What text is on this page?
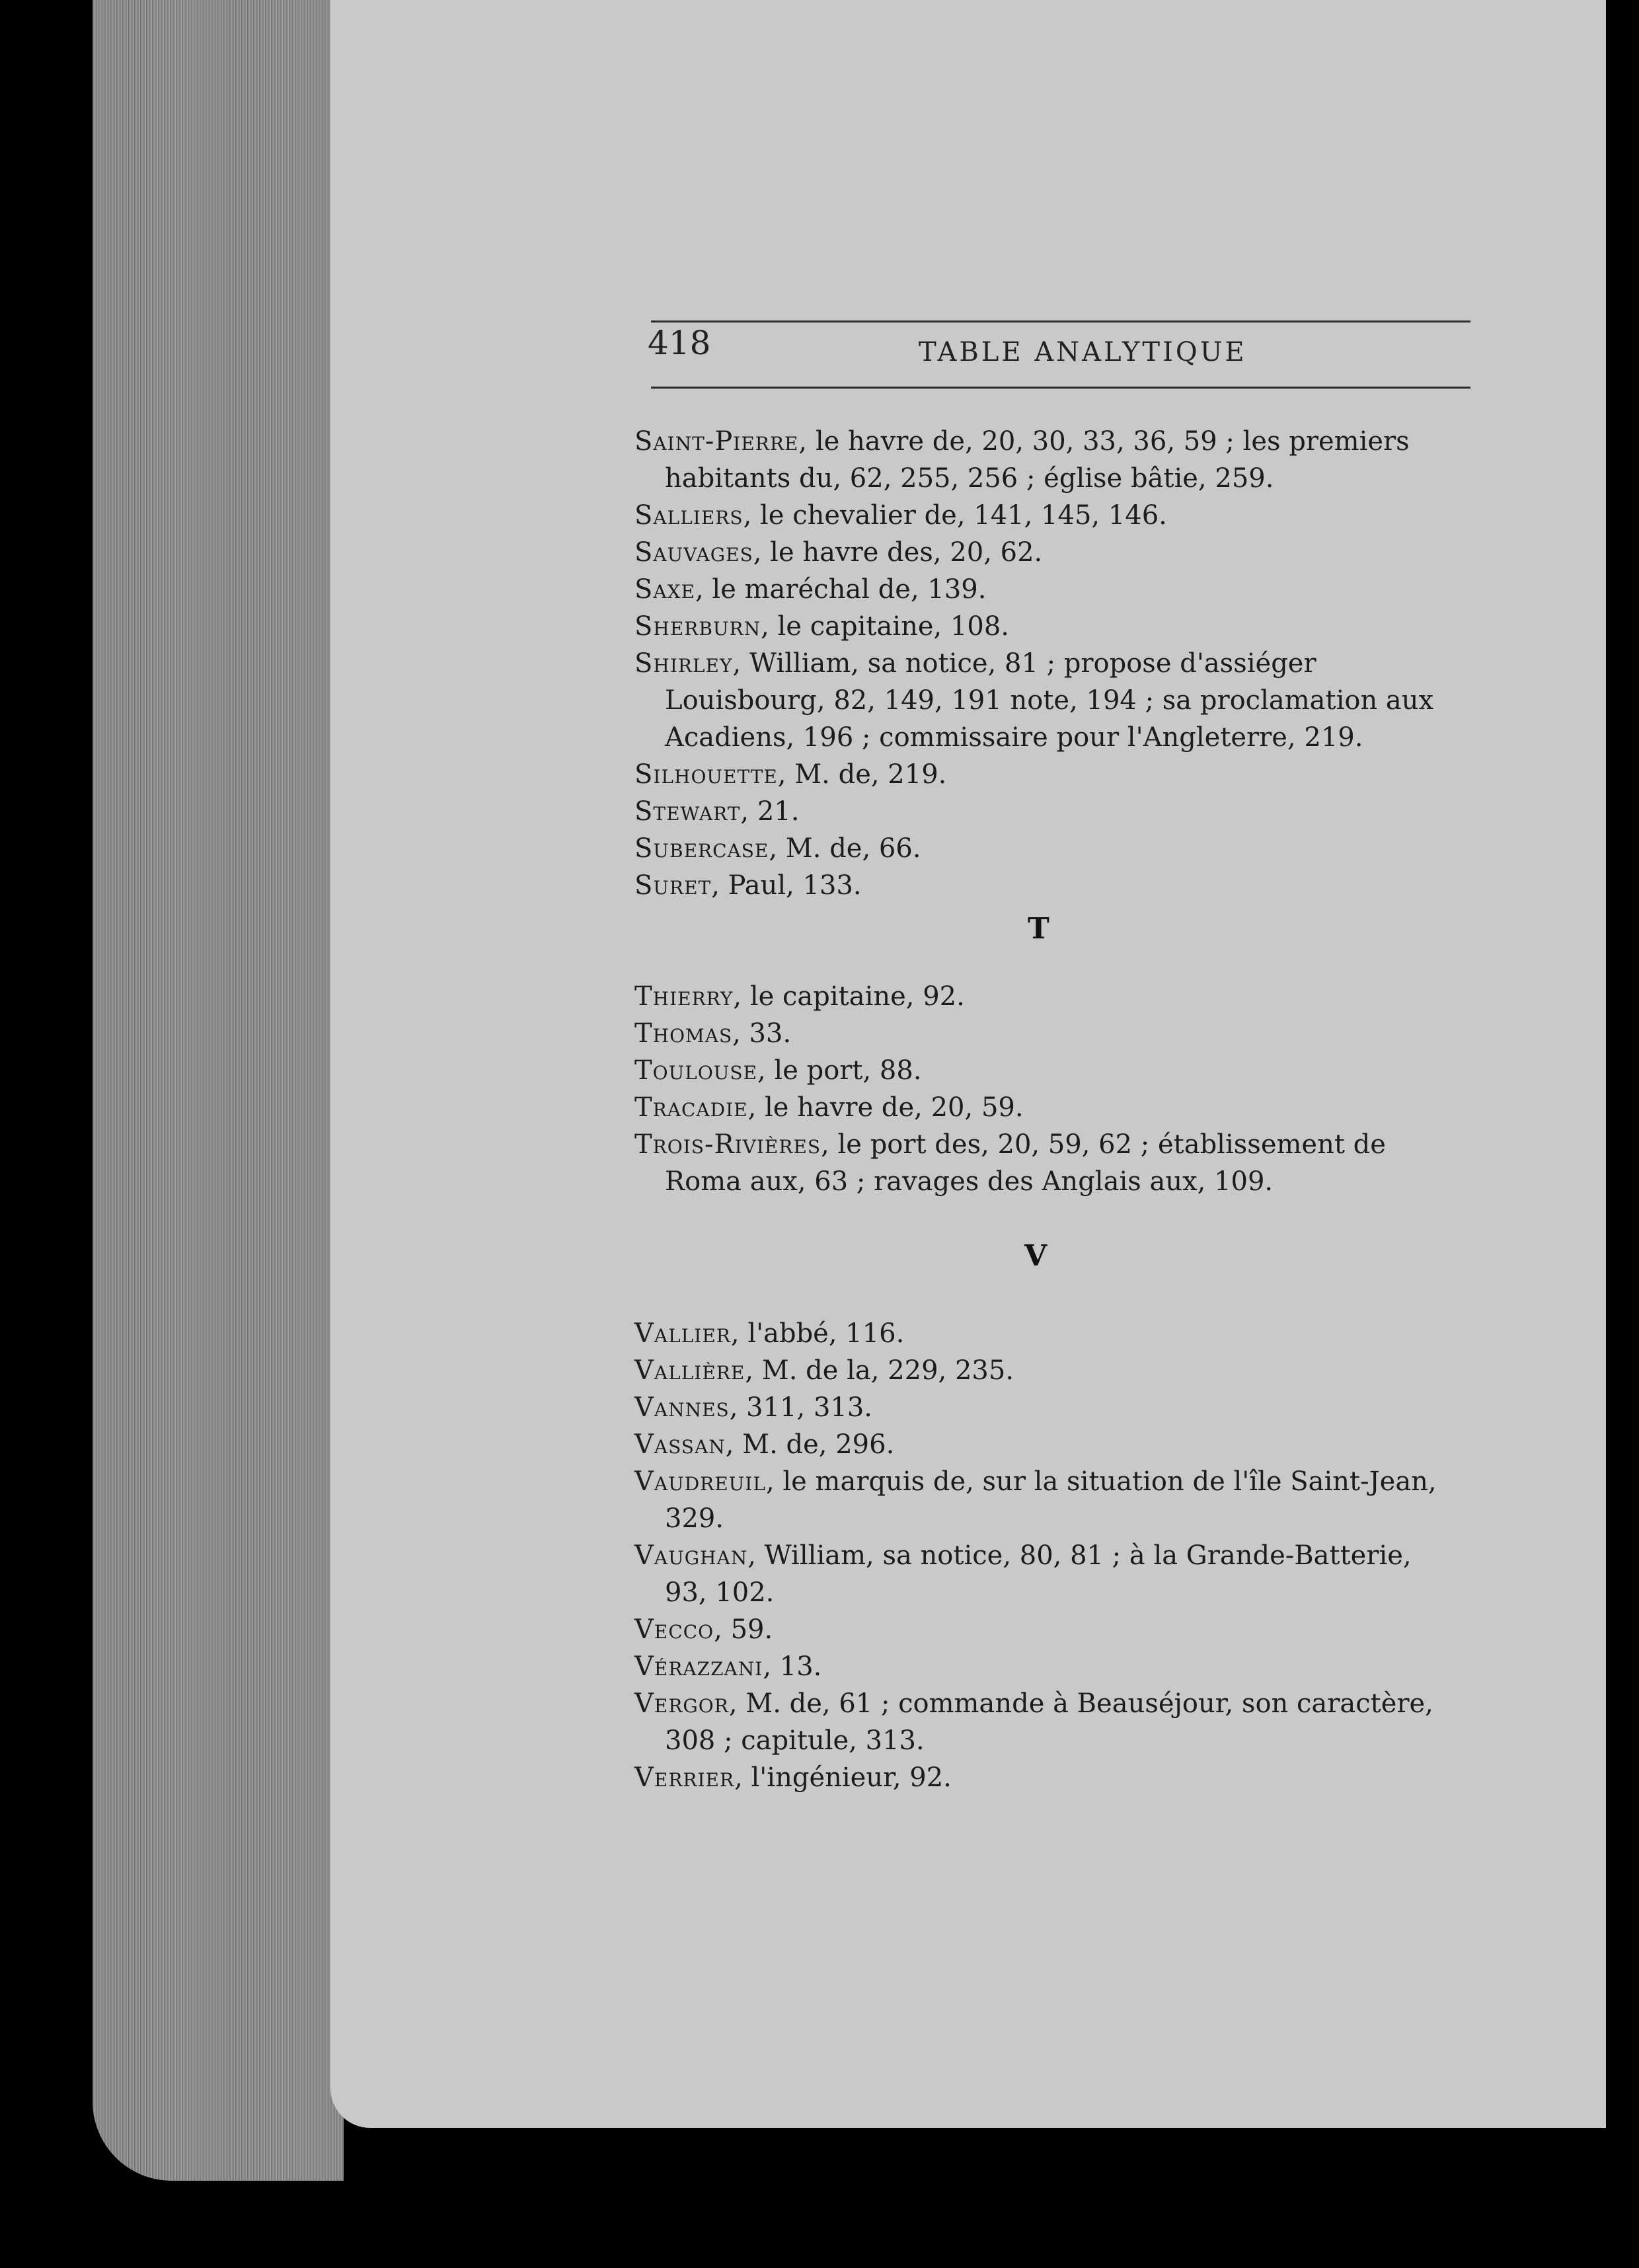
418	TABLE ANALYTIQUE

Saint-Pierre, le havre de, 20, 30, 33, 36, 59 ; les premiers habitants du, 62, 255, 256 ; église bâtie, 259.

Salliers, le chevalier de, 141, 145, 146.

Sauvages, le havre des, 20, 62.

Saxe, le maréchal de, 139.

Sherburn, le capitaine, 108.

Shirley, William, sa notice, 81 ; propose d'assiéger Louisbourg, 82, 149, 191 note, 194 ; sa proclamation aux Acadiens, 196 ; commissaire pour l'Angleterre, 219.

Silhouette, M. de, 219.

Stewart, 21.

Subercase, M. de, 66.

Suret, Paul, 133.

T

Thierry, le capitaine, 92.

Thomas, 33.

Toulouse, le port, 88.

Tracadie, le havre de, 20, 59.

Trois-Rivières, le port des, 20, 59, 62 ; établissement de Roma aux, 63 ; ravages des Anglais aux, 109.

V

Vallier, l'abbé, 116.

Vallière, M. de la, 229, 235.

Vannes, 311, 313.

Vassan, M. de, 296.

Vaudreuil, le marquis de, sur la situation de l'île Saint-Jean, 329.

Vaughan, William, sa notice, 80, 81 ; à la Grande-Batterie, 93, 102.

Vecco, 59.

Vérazzani, 13.

Vergor, M. de, 61 ; commande à Beauséjour, son caractère, 308 ; capitule, 313.

Verrier, l'ingénieur, 92.
